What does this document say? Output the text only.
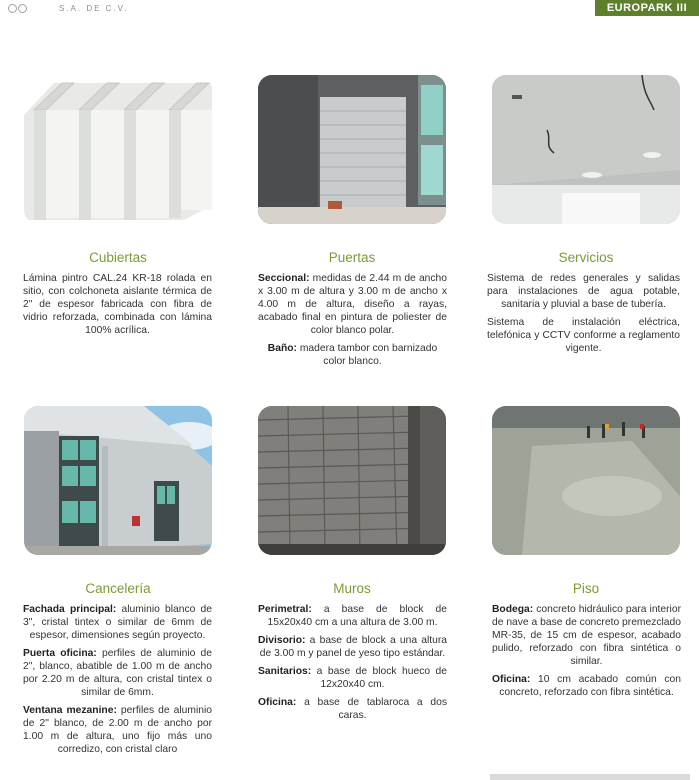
S.A. DE C.V.	EUROPARK III
Cubiertas

Lámina pintro CAL.24 KR-18 rolada en sitio, con colchoneta aislante térmica de 2" de espesor fabricada con fibra de vidrio reforzada, combinada con lámina 100% acrílica.

Puertas

Seccional: medidas de 2.44 m de ancho x 3.00 m de altura y 3.00 m de ancho x 4.00 m de altura, diseño a rayas, acabado final en pintura de poliester de color blanco polar.

Baño: madera tambor con barnizado color blanco.

Servicios

Sistema de redes generales y salidas para instalaciones de agua potable, sanitaria y pluvial a base de tubería.

Sistema de instalación eléctrica, telefónica y CCTV conforme a reglamento vigente.

Cancelería

Fachada principal: aluminio blanco de 3", cristal tintex o similar de 6mm de espesor, dimensiones según proyecto.

Puerta oficina: perfiles de aluminio de 2", blanco, abatible de 1.00 m de ancho por 2.20 m de altura, con cristal tintex o similar de 6mm.

Ventana mezanine: perfiles de aluminio de 2" blanco, de 2.00 m de ancho por 1.00 m de altura, uno fijo más uno corredizo, con cristal claro

Muros

Perimetral: a base de block de 15x20x40 cm a una altura de 3.00 m.

Divisorio: a base de block a una altura de 3.00 m y panel de yeso tipo estándar.

Sanitarios: a base de block hueco de 12x20x40 cm.

Oficina: a base de tablaroca a dos caras.

Piso

Bodega: concreto hidráulico para interior de nave a base de concreto premezclado MR-35, de 15 cm de espesor, acabado pulido, reforzado con fibra sintética o similar.

Oficina: 10 cm acabado común con concreto, reforzado con fibra sintética.
